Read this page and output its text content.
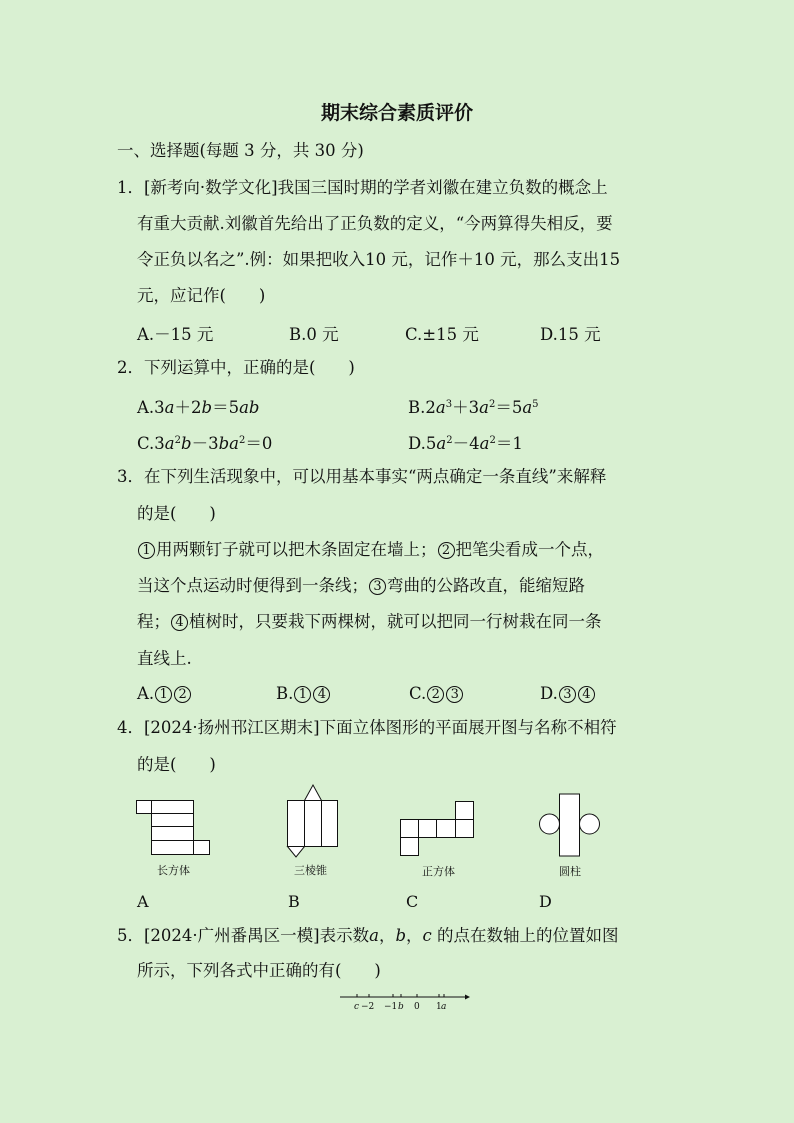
期末综合素质评价
一、选择题(每题 3 分，共 30 分)
1．[新考向·数学文化]我国三国时期的学者刘徽在建立负数的概念上
有重大贡献.刘徽首先给出了正负数的定义，“今两算得失相反，要
令正负以名之”.例：如果把收入10 元，记作＋10 元，那么支出15
元，应记作(　　)
A.－15 元	B.0 元	C.±15 元	D.15 元
2．下列运算中，正确的是(　　)
A.3a＋2b＝5ab	$B.2a^3+3a^2=5a^5$
$C.3a^2b-3ba^2=0$	$D.5a^2-4a^2=1$
3．在下列生活现象中，可以用基本事实“两点确定一条直线”来解释
的是(　　)
1 用两颗钉子就可以把木条固定在墙上； 2 把笔尖看成一个点，
当这个点运动时便得到一条线； 3 弯曲的公路改直，能缩短路
程； 4 植树时，只要栽下两棵树，就可以把同一行树栽在同一条
直线上.
A. 1 2	B. 1 4	C. 2 3	D. 3 4
4．[2024·扬州邗江区期末]下面立体图形的平面展开图与名称不相符
的是(　　)
长方体
A
三棱锥
B
正方体
C
圆柱
D
5．[2024·广州番禺区一模]表示数a，b，c 的点在数轴上的位置如图
所示，下列各式中正确的有(　　)
c −2 −1 b 0 1 a
